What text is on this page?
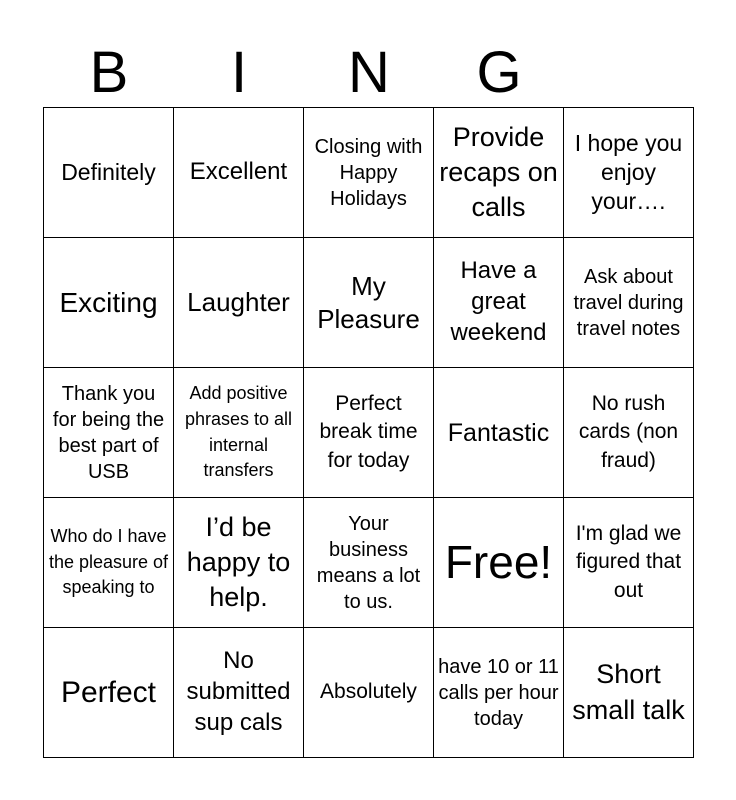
B	I	N	G
Definitely	Excellent	Closing with Happy Holidays	Provide recaps on calls	I hope you enjoy your….
Exciting	Laughter	My Pleasure	Have a great weekend	Ask about travel during travel notes
Thank you for being the best part of USB	Add positive phrases to all internal transfers	Perfect break time for today	Fantastic	No rush cards (non fraud)
Who do I have the pleasure of speaking to	I’d be happy to help.	Your business means a lot to us.	Free!	I'm glad we figured that out
Perfect	No submitted sup cals	Absolutely	have 10 or 11 calls per hour today	Short small talk
